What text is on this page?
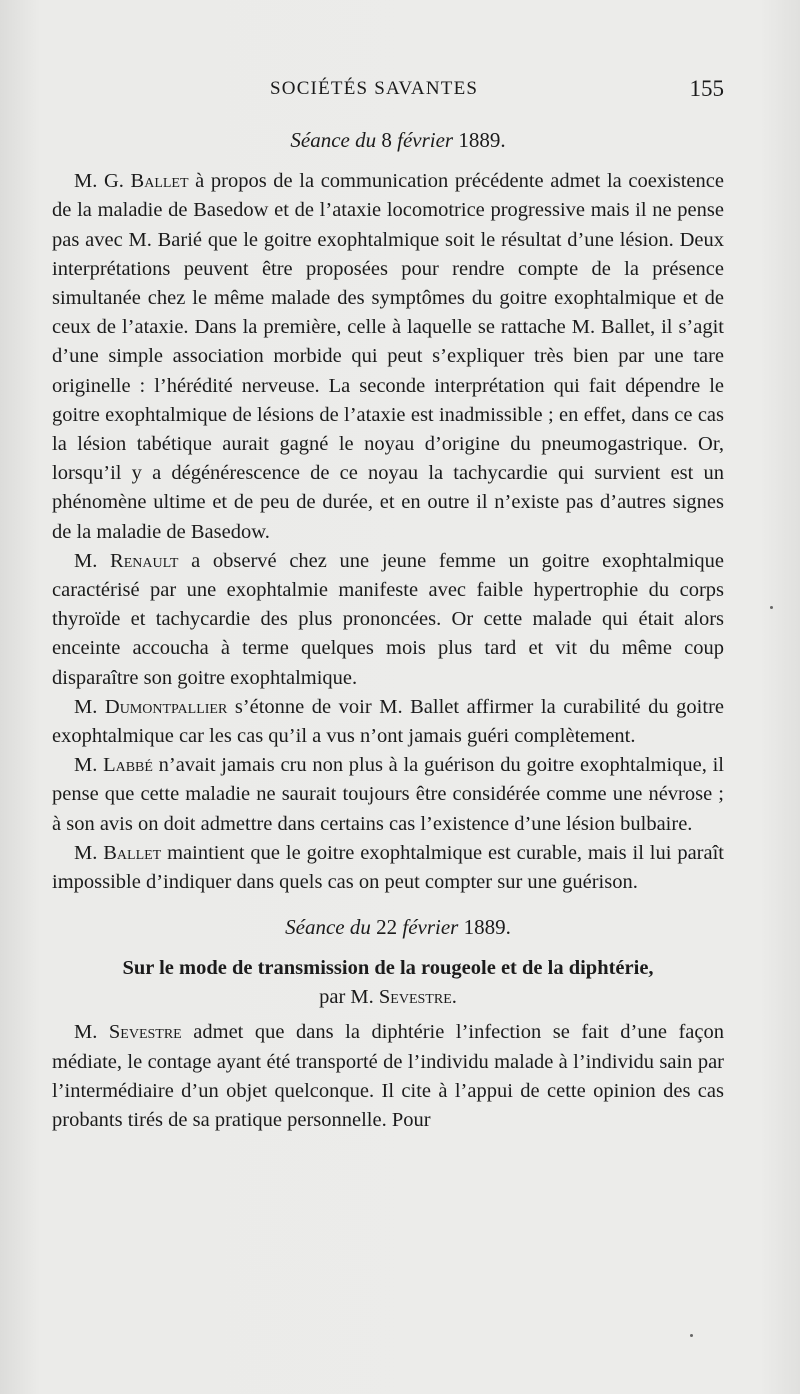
SOCIÉTÉS SAVANTES	155
Séance du 8 février 1889.

M. G. Ballet à propos de la communication précédente admet la coexistence de la maladie de Basedow et de l’ataxie locomotrice progressive mais il ne pense pas avec M. Barié que le goitre exophtalmique soit le résultat d’une lésion. Deux interprétations peuvent être proposées pour rendre compte de la présence simultanée chez le même malade des symptômes du goitre exophtalmique et de ceux de l’ataxie. Dans la première, celle à laquelle se rattache M. Ballet, il s’agit d’une simple association morbide qui peut s’expliquer très bien par une tare originelle : l’hérédité nerveuse. La seconde interprétation qui fait dépendre le goitre exophtalmique de lésions de l’ataxie est inadmissible ; en effet, dans ce cas la lésion tabétique aurait gagné le noyau d’origine du pneumogastrique. Or, lorsqu’il y a dégénérescence de ce noyau la tachycardie qui survient est un phénomène ultime et de peu de durée, et en outre il n’existe pas d’autres signes de la maladie de Basedow.

M. Renault a observé chez une jeune femme un goitre exophtalmique caractérisé par une exophtalmie manifeste avec faible hypertrophie du corps thyroïde et tachycardie des plus prononcées. Or cette malade qui était alors enceinte accoucha à terme quelques mois plus tard et vit du même coup disparaître son goitre exophtalmique.

M. Dumontpallier s’étonne de voir M. Ballet affirmer la curabilité du goitre exophtalmique car les cas qu’il a vus n’ont jamais guéri complètement.

M. Labbé n’avait jamais cru non plus à la guérison du goitre exophtalmique, il pense que cette maladie ne saurait toujours être considérée comme une névrose ; à son avis on doit admettre dans certains cas l’existence d’une lésion bulbaire.

M. Ballet maintient que le goitre exophtalmique est curable, mais il lui paraît impossible d’indiquer dans quels cas on peut compter sur une guérison.

Séance du 22 février 1889.
Sur le mode de transmission de la rougeole et de la diphtérie,
par M. Sevestre.

M. Sevestre admet que dans la diphtérie l’infection se fait d’une façon médiate, le contage ayant été transporté de l’individu malade à l’individu sain par l’intermédiaire d’un objet quelconque. Il cite à l’appui de cette opinion des cas probants tirés de sa pratique personnelle. Pour
